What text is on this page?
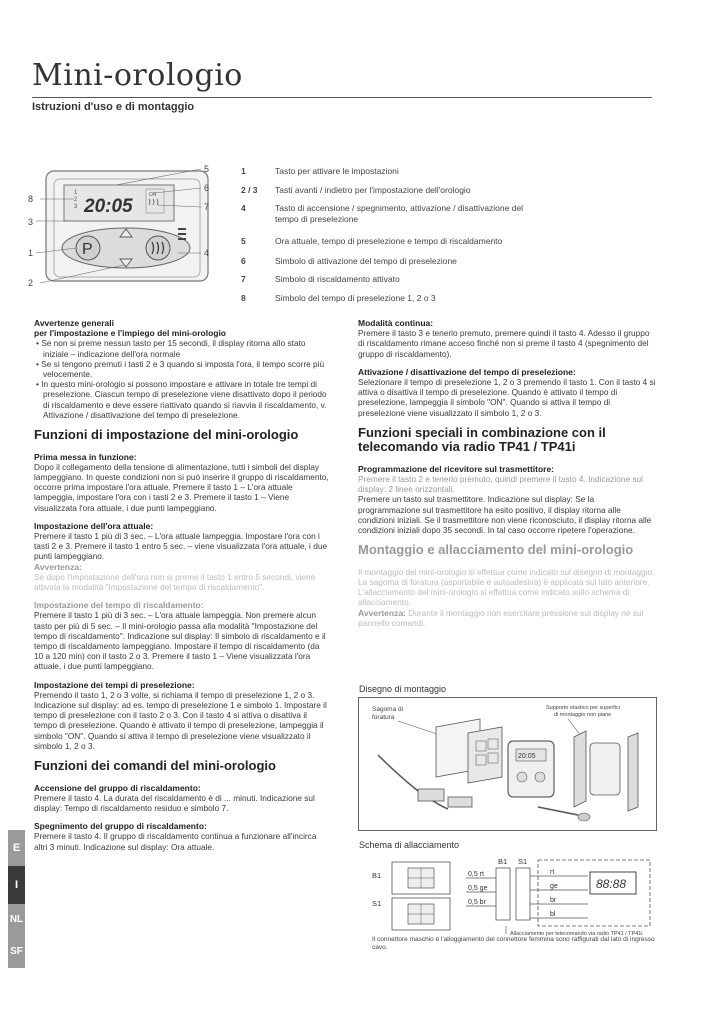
Mini-orologio
Istruzioni d'uso e di montaggio
1
2
3 20:05
ON
P
5
6
7
8
3
1	4
2
1	Tasto per attivare le impostazioni
2 / 3 Tasti avanti / indietro per l'impostazione dell'orologio
4	Tasto di accensione / spegnimento, attivazione / disattivazione del tempo di preselezione
5	Ora attuale, tempo di preselezione e tempo di riscaldamento
6	Simbolo di attivazione del tempo di preselezione
7	Simbolo di riscaldamento attivato
8	Simbolo del tempo di preselezione 1, 2 o 3
Avvertenze generali
per l'impostazione e l'impiego del mini-orologio
• Se non si preme nessun tasto per 15 secondi, il display ritorna allo stato iniziale – indicazione dell'ora normale
• Se si tengono premuti i tasti 2 e 3 quando si imposta l'ora, il tempo scorre più velocemente.
• In questo mini-orologio si possono impostare e attivare in totale tre tempi di preselezione. Ciascun tempo di preselezione viene disattivato dopo il periodo di riscaldamento e deve essere riattivato quando si riavvia il riscaldamento, v. Attivazione / disattivazione del tempo di preselezione.
Funzioni di impostazione del mini-orologio
Prima messa in funzione:
Dopo il collegamento della tensione di alimentazione, tutti i simboli del display lampeggiano. In queste condizioni non si può inserire il gruppo di riscaldamento, occorre prima impostare l'ora attuale. Premere il tasto 1 – L'ora attuale lampeggia, impostare l'ora con i tasti 2 e 3. Premere il tasto 1 – Viene visualizzata l'ora attuale, i due punti lampeggiano.
Impostazione dell'ora attuale:
Premere il tasto 1 più di 3 sec. – L'ora attuale lampeggia. Impostare l'ora con i tasti 2 e 3. Premere il tasto 1 entro 5 sec. – viene visualizzata l'ora attuale, i due punti lampeggiano.
Avvertenza:
Se dopo l'impostazione dell'ora non si preme il tasto 1 entro 5 secondi, viene attivata la modalità "Impostazione del tempo di riscaldamento".
Impostazione del tempo di riscaldamento:
Premere il tasto 1 più di 3 sec. – L'ora attuale lampeggia. Non premere alcun tasto per più di 5 sec. – Il mini-orologio passa alla modalità "Impostazione del tempo di riscaldamento". Indicazione sul display: Il simbolo di riscaldamento e il tempo di riscaldamento lampeggiano. Impostare il tempo di riscaldamento (da 10 a 120 min) con il tasto 2 o 3. Premere il tasto 1 – Viene visualizzata l'ora attuale, i due punti lampeggiano.
Impostazione dei tempi di preselezione:
Premendo il tasto 1, 2 o 3 volte, si richiama il tempo di preselezione 1, 2 o 3. Indicazione sul display: ad es. tempo di preselezione 1 e simbolo 1. Impostare il tempo di preselezione con il tasto 2 o 3. Con il tasto 4 si attiva o disattiva il tempo di preselezione. Quando è attivato il tempo di preselezione, lampeggia il simbolo "ON". Quando si attiva il tempo di preselezione viene visualizzato il simbolo 1, 2 o 3.
Funzioni dei comandi del mini-orologio
Accensione del gruppo di riscaldamento:
Premere il tasto 4. La durata del riscaldamento è di ... minuti. Indicazione sul display: Tempo di riscaldamento residuo e simbolo 7.
Spegnimento del gruppo di riscaldamento:
Premere il tasto 4. Il gruppo di riscaldamento continua a funzionare all'incirca altri 3 minuti. Indicazione sul display: Ora attuale.
Modalità continua:
Premere il tasto 3 e tenerlo premuto, premere quindi il tasto 4. Adesso il gruppo di riscaldamento rimane acceso finché non si preme il tasto 4 (spegnimento del gruppo di riscaldamento).
Attivazione / disattivazione del tempo di preselezione:
Selezionare il tempo di preselezione 1, 2 o 3 premendo il tasto 1. Con il tasto 4 si attiva o disattiva il tempo di preselezione. Quando è attivato il tempo di preselezione, lampeggia il simbolo "ON". Quando si attiva il tempo di preselezione viene visualizzato il simbolo 1, 2 o 3.
Funzioni speciali in combinazione con il telecomando via radio TP41 / TP41i
Programmazione del ricevitore sul trasmettitore:
Premere il tasto 2 e tenerlo premuto, quindi premere il tasto 4. Indicazione sul display: 2 linee orizzontali.
Premere un tasto sul trasmettitore. Indicazione sul display: Se la programmazione sul trasmettitore ha esito positivo, il display ritorna alle condizioni iniziali. Se il trasmettitore non viene riconosciuto, il display ritorna alle condizioni iniziali dopo 35 secondi. In tal caso occorre ripetere l'operazione.
Montaggio e allacciamento del mini-orologio
Il montaggio del mini-orologio si effettua come indicato sul disegno di montaggio. La sagoma di foratura (asportabile e autoadesiva) è applicata sul lato anteriore. L'allacciamento del mini-orologio si effettua come indicato sullo schema di allacciamento.
Avvertenza: Durante il montaggio non esercitare pressione sul display né sul pannello comandi.
Disegno di montaggio
Sagoma di
foratura
Supporto elastico per superfici
di montaggio non piane
20:05
Schema di allacciamento
B1
S1
B1 S1
0,5 rt
0,5 ge
0,5 br
rt
ge
br
bl
88:88
Allacciamento per telecomando via radio TP41 / TP41i
Il connettore maschio e l'alloggiamento del connettore femmina sono raffigurati dal lato di ingresso cavo.
E
I
NL
SF
